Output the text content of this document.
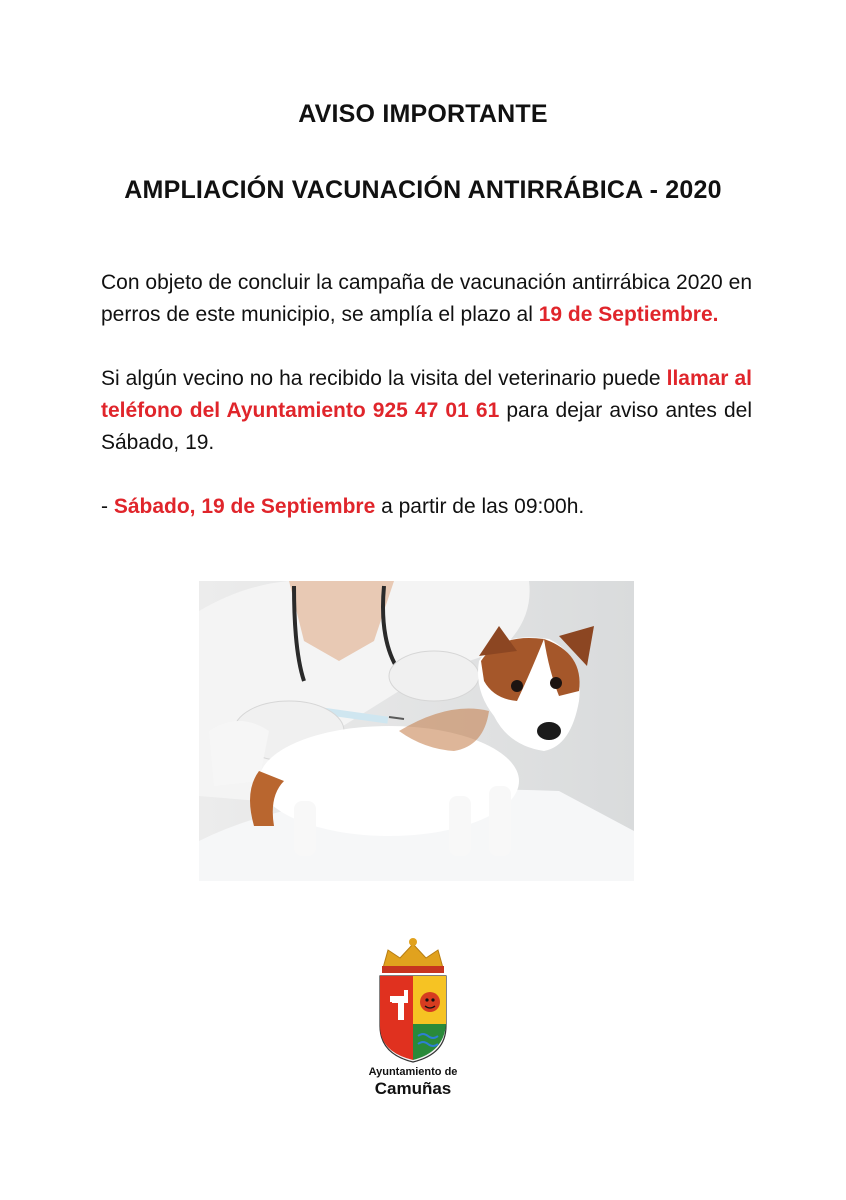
AVISO IMPORTANTE
AMPLIACIÓN VACUNACIÓN ANTIRRÁBICA - 2020

Con objeto de concluir la campaña de vacunación antirrábica 2020 en perros de este municipio, se amplía el plazo al 19 de Septiembre.

Si algún vecino no ha recibido la visita del veterinario puede llamar al teléfono del Ayuntamiento 925 47 01 61 para dejar aviso antes del Sábado, 19.

- Sábado, 19 de Septiembre a partir de las 09:00h.

Ayuntamiento de
Camuñas
